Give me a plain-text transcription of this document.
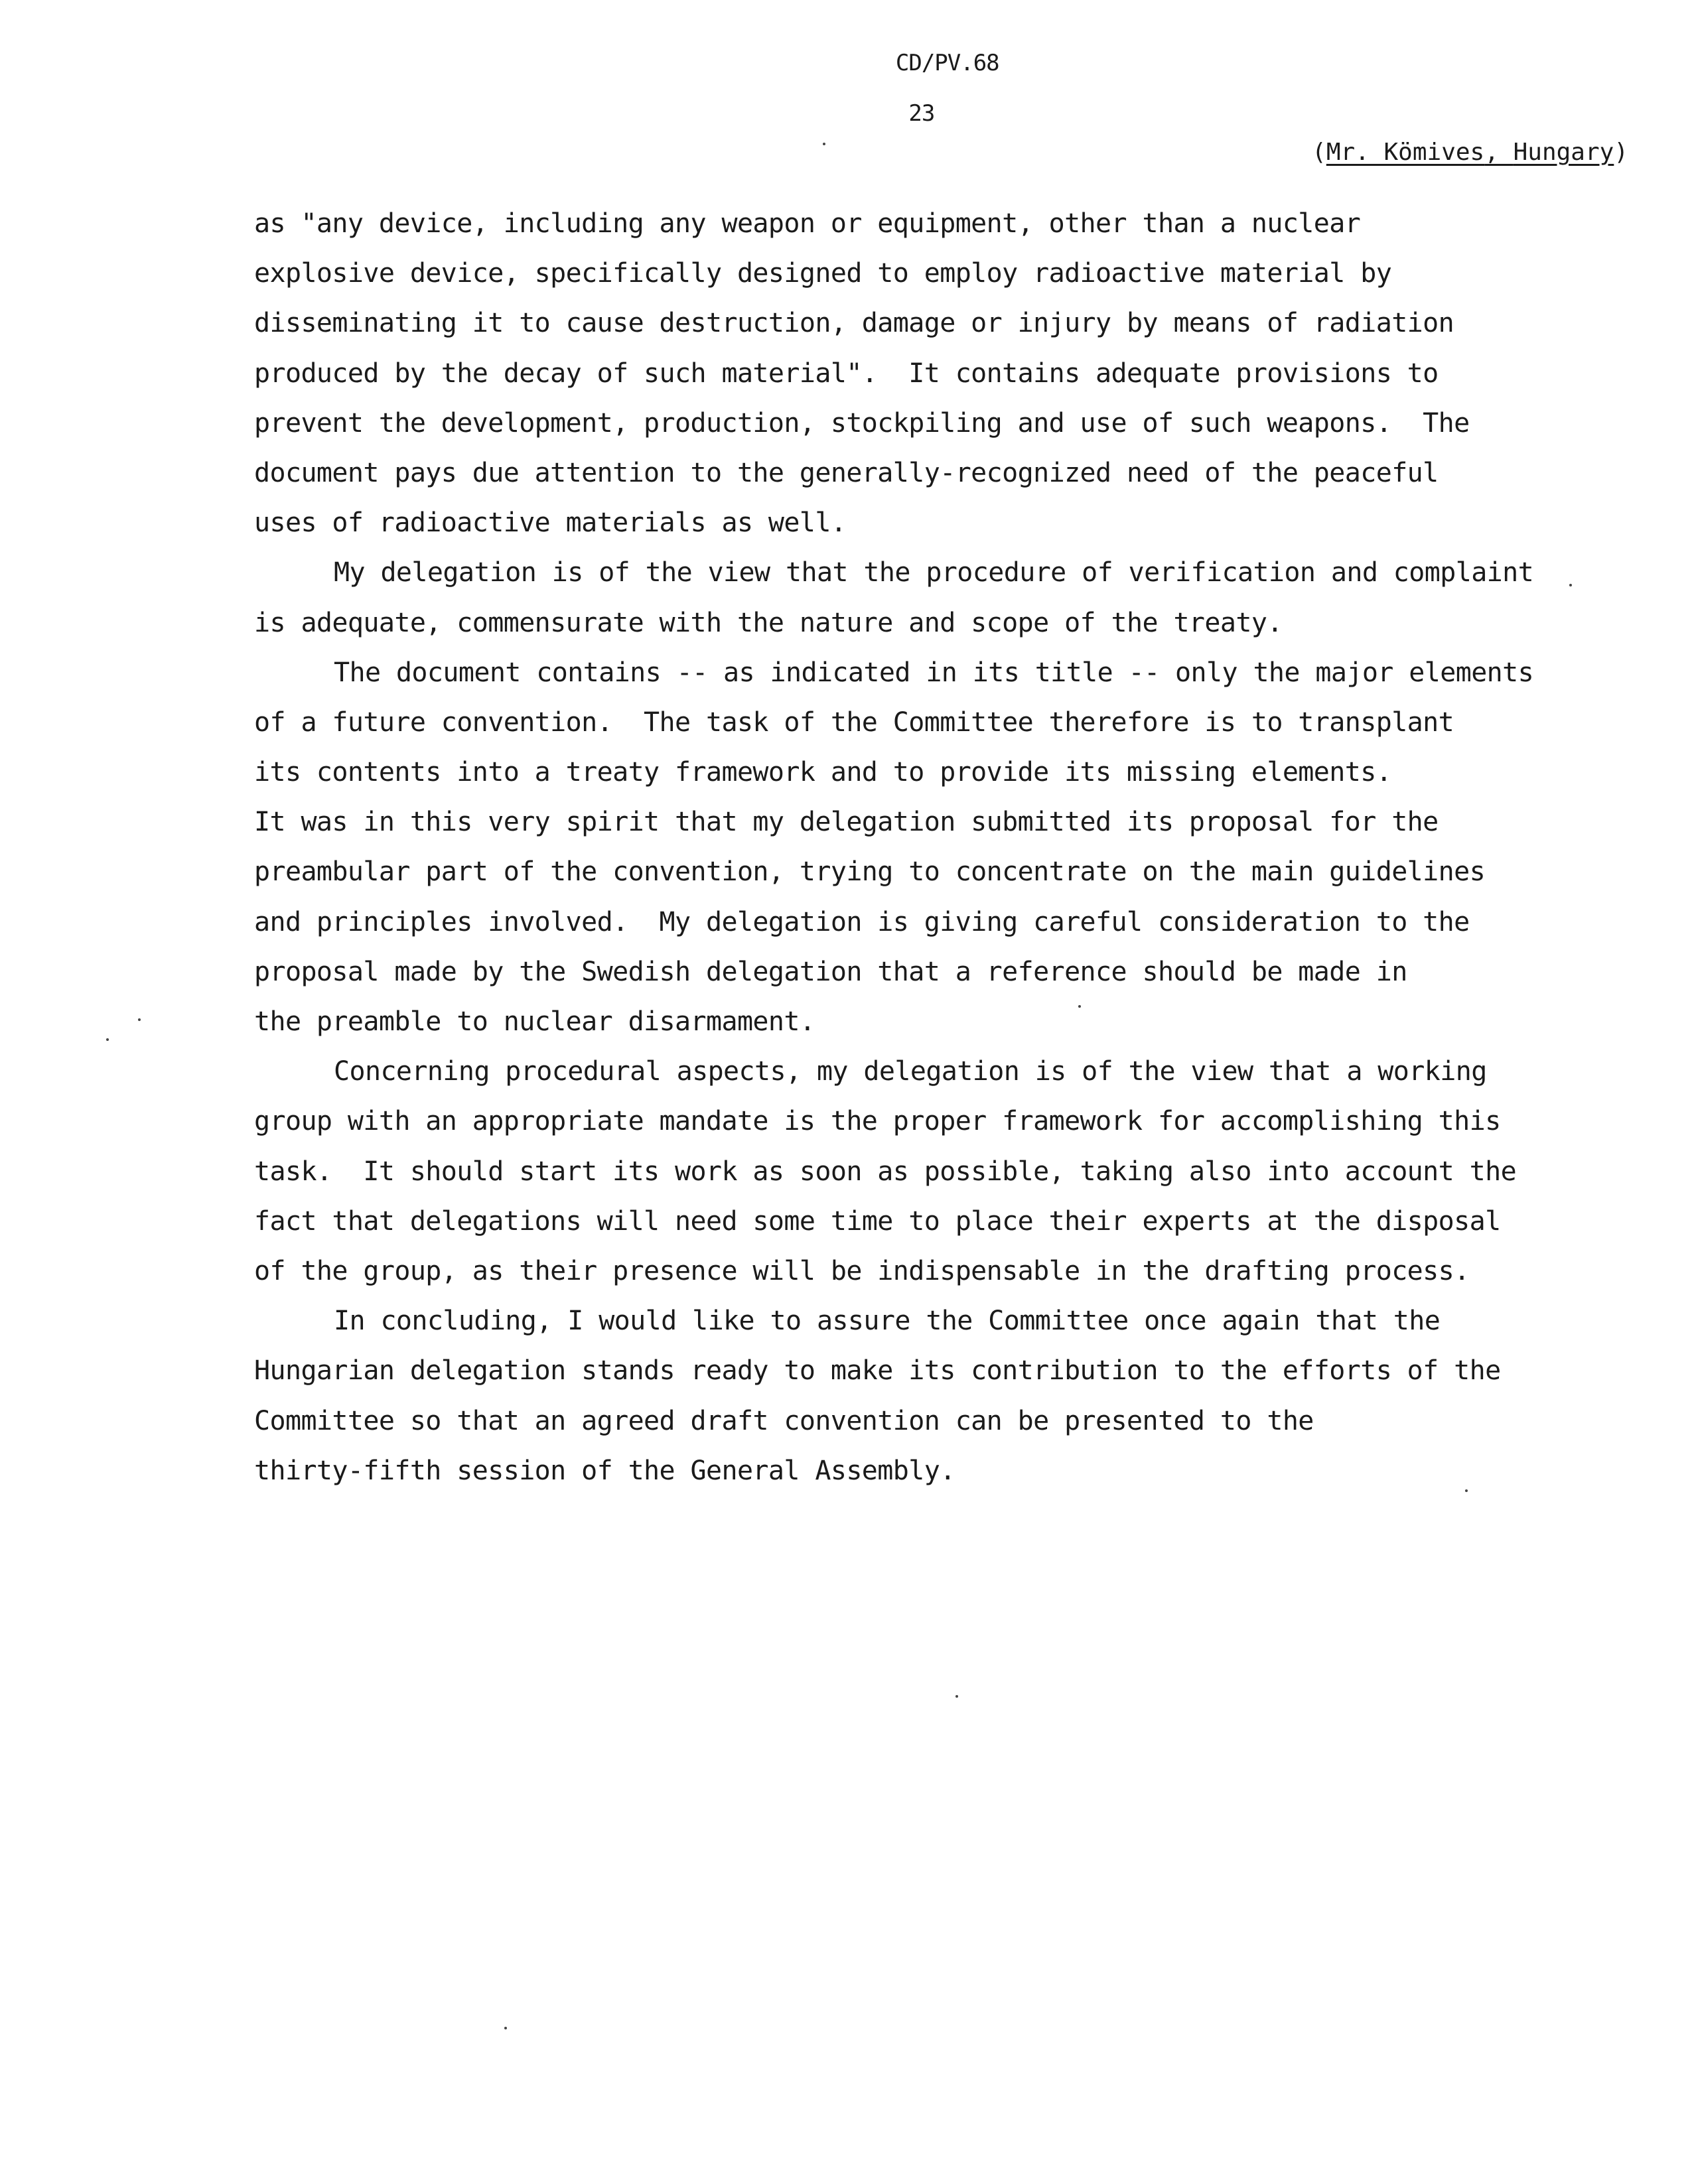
CD/PV.68

23

(Mr. Kömives, Hungary)
as "any device, including any weapon or equipment, other than a nuclear
explosive device, specifically designed to employ radioactive material by
disseminating it to cause destruction, damage or injury by means of radiation
produced by the decay of such material".  It contains adequate provisions to
prevent the development, production, stockpiling and use of such weapons.  The
document pays due attention to the generally-recognized need of the peaceful
uses of radioactive materials as well.
My delegation is of the view that the procedure of verification and complaint
is adequate, commensurate with the nature and scope of the treaty.
The document contains -- as indicated in its title -- only the major elements
of a future convention.  The task of the Committee therefore is to transplant
its contents into a treaty framework and to provide its missing elements.
It was in this very spirit that my delegation submitted its proposal for the
preambular part of the convention, trying to concentrate on the main guidelines
and principles involved.  My delegation is giving careful consideration to the
proposal made by the Swedish delegation that a reference should be made in
the preamble to nuclear disarmament.
Concerning procedural aspects, my delegation is of the view that a working
group with an appropriate mandate is the proper framework for accomplishing this
task.  It should start its work as soon as possible, taking also into account the
fact that delegations will need some time to place their experts at the disposal
of the group, as their presence will be indispensable in the drafting process.
In concluding, I would like to assure the Committee once again that the
Hungarian delegation stands ready to make its contribution to the efforts of the
Committee so that an agreed draft convention can be presented to the
thirty-fifth session of the General Assembly.
